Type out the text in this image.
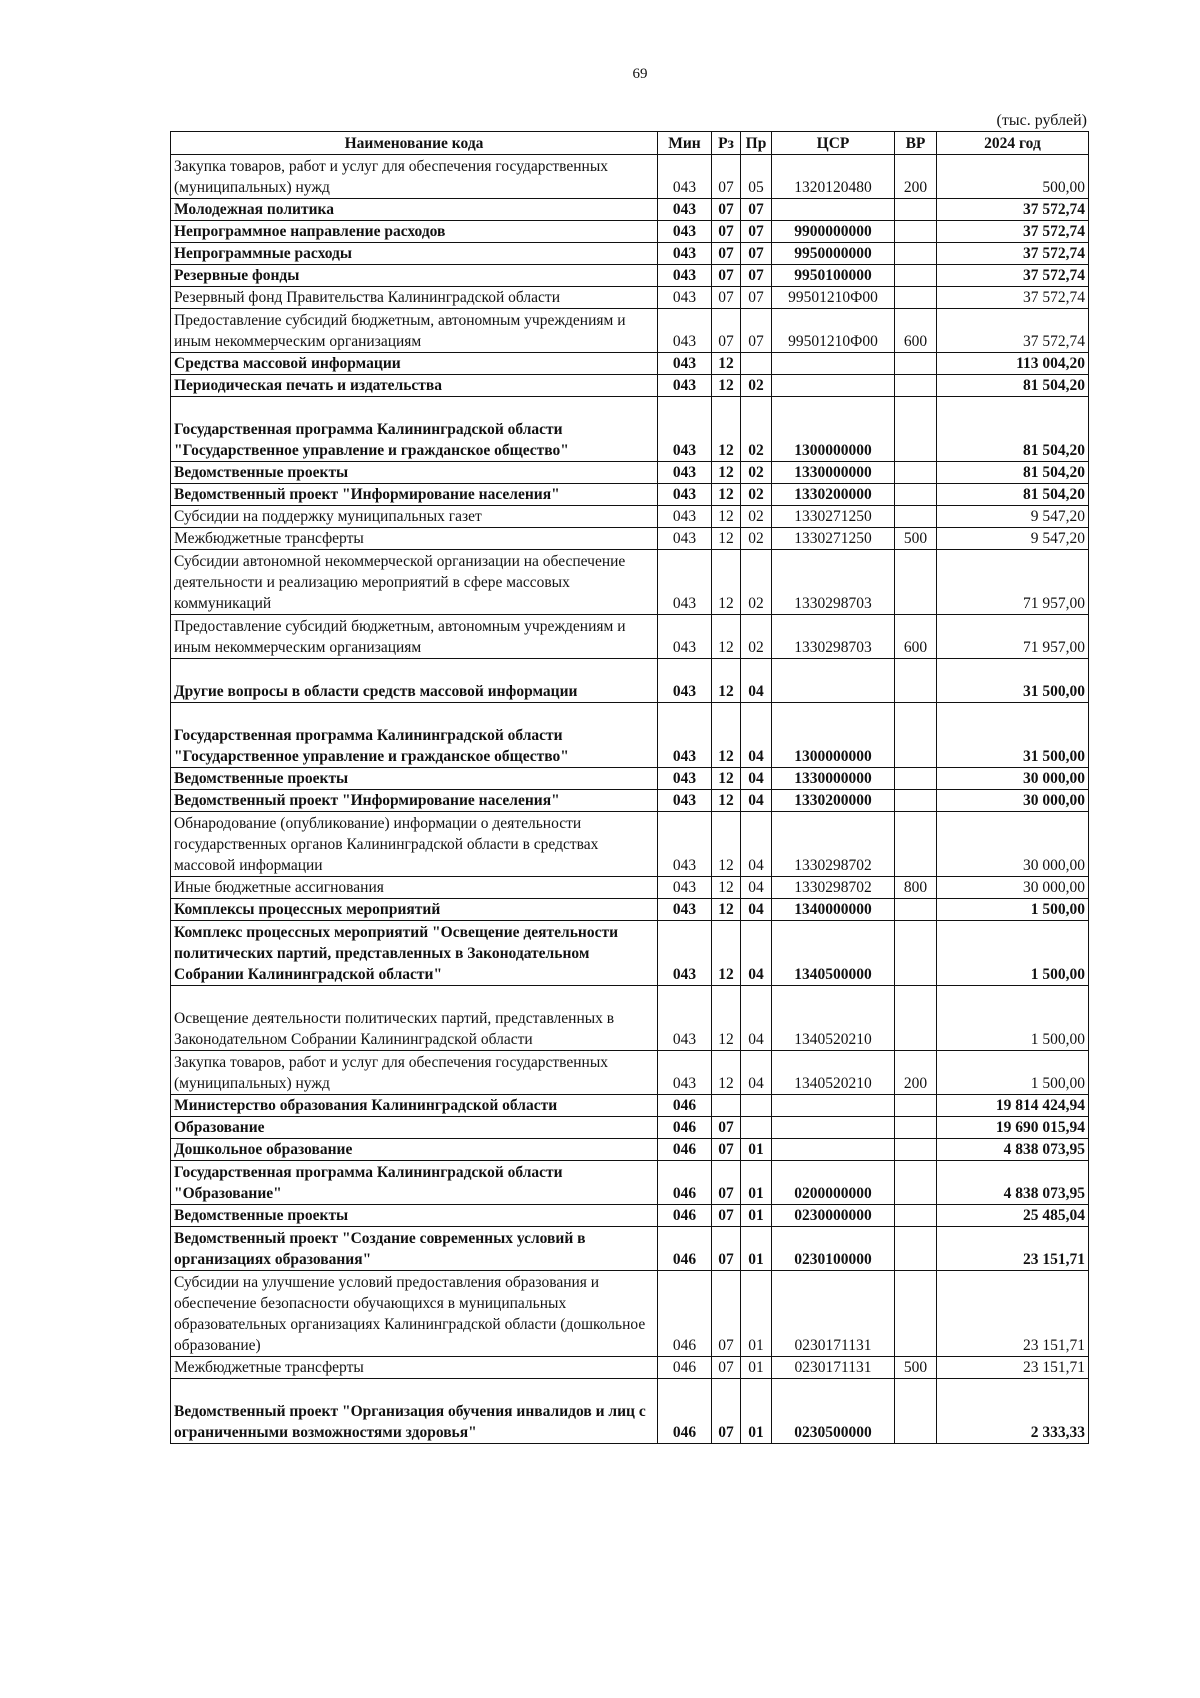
69
(тыс. рублей)
Наименование кода	Мин	Рз	Пр	ЦСР	ВР	2024 год
Закупка товаров, работ и услуг для обеспечения государственных (муниципальных) нужд	043	07	05	1320120480	200	500,00
Молодежная политика	043	07	07			37 572,74
Непрограммное направление расходов	043	07	07	9900000000		37 572,74
Непрограммные расходы	043	07	07	9950000000		37 572,74
Резервные фонды	043	07	07	9950100000		37 572,74
Резервный фонд Правительства Калининградской области	043	07	07	99501210Ф00		37 572,74
Предоставление субсидий бюджетным, автономным учреждениям и иным некоммерческим организациям	043	07	07	99501210Ф00	600	37 572,74
Средства массовой информации	043	12				113 004,20
Периодическая печать и издательства	043	12	02			81 504,20
Государственная программа Калининградской области "Государственное управление и гражданское общество"	043	12	02	1300000000		81 504,20
Ведомственные проекты	043	12	02	1330000000		81 504,20
Ведомственный проект "Информирование населения"	043	12	02	1330200000		81 504,20
Субсидии на поддержку муниципальных газет	043	12	02	1330271250		9 547,20
Межбюджетные трансферты	043	12	02	1330271250	500	9 547,20
Субсидии автономной некоммерческой организации на обеспечение деятельности и реализацию мероприятий в сфере массовых коммуникаций	043	12	02	1330298703		71 957,00
Предоставление субсидий бюджетным, автономным учреждениям и иным некоммерческим организациям	043	12	02	1330298703	600	71 957,00
Другие вопросы в области средств массовой информации	043	12	04			31 500,00
Государственная программа Калининградской области "Государственное управление и гражданское общество"	043	12	04	1300000000		31 500,00
Ведомственные проекты	043	12	04	1330000000		30 000,00
Ведомственный проект "Информирование населения"	043	12	04	1330200000		30 000,00
Обнародование (опубликование) информации о деятельности государственных органов Калининградской области в средствах массовой информации	043	12	04	1330298702		30 000,00
Иные бюджетные ассигнования	043	12	04	1330298702	800	30 000,00
Комплексы процессных мероприятий	043	12	04	1340000000		1 500,00
Комплекс процессных мероприятий "Освещение деятельности политических партий, представленных в Законодательном Собрании Калининградской области"	043	12	04	1340500000		1 500,00
Освещение деятельности политических партий, представленных в Законодательном Собрании Калининградской области	043	12	04	1340520210		1 500,00
Закупка товаров, работ и услуг для обеспечения государственных (муниципальных) нужд	043	12	04	1340520210	200	1 500,00
Министерство образования Калининградской области	046					19 814 424,94
Образование	046	07				19 690 015,94
Дошкольное образование	046	07	01			4 838 073,95
Государственная программа Калининградской области "Образование"	046	07	01	0200000000		4 838 073,95
Ведомственные проекты	046	07	01	0230000000		25 485,04
Ведомственный проект "Создание современных условий в организациях образования"	046	07	01	0230100000		23 151,71
Субсидии на улучшение условий предоставления образования и обеспечение безопасности обучающихся в муниципальных образовательных организациях Калининградской области (дошкольное образование)	046	07	01	0230171131		23 151,71
Межбюджетные трансферты	046	07	01	0230171131	500	23 151,71
Ведомственный проект "Организация обучения инвалидов и лиц с ограниченными возможностями здоровья"	046	07	01	0230500000		2 333,33
